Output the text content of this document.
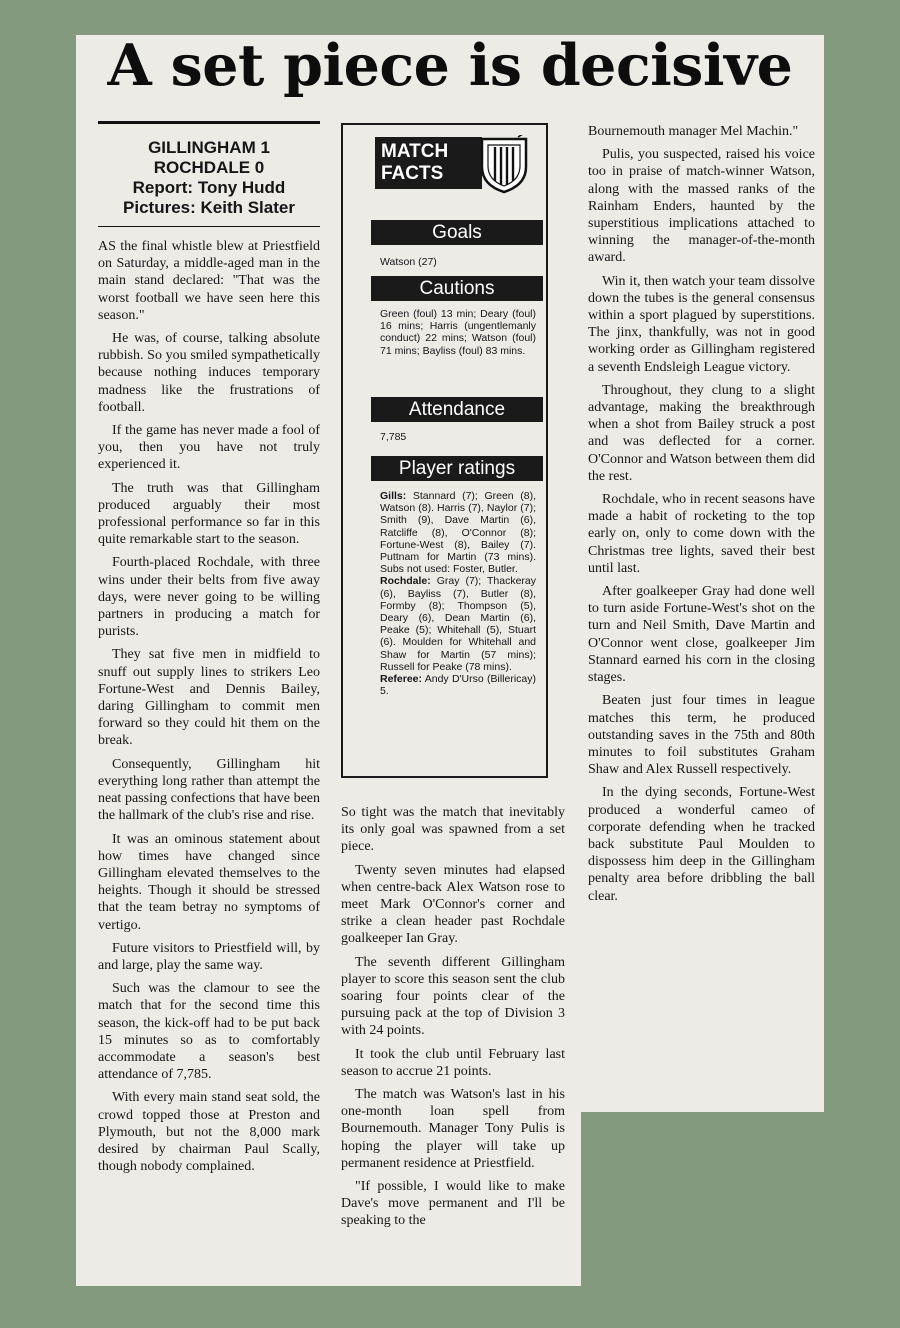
A set piece is decisive
GILLINGHAM 1
ROCHDALE 0
Report: Tony Hudd
Pictures: Keith Slater

AS the final whistle blew at Priestfield on Saturday, a middle-aged man in the main stand declared: "That was the worst football we have seen here this season."

He was, of course, talking absolute rubbish. So you smiled sympathetically because nothing induces temporary madness like the frustrations of football.

If the game has never made a fool of you, then you have not truly experienced it.

The truth was that Gillingham produced arguably their most professional performance so far in this quite remarkable start to the season.

Fourth-placed Rochdale, with three wins under their belts from five away days, were never going to be willing partners in producing a match for purists.

They sat five men in midfield to snuff out supply lines to strikers Leo Fortune-West and Dennis Bailey, daring Gillingham to commit men forward so they could hit them on the break.

Consequently, Gillingham hit everything long rather than attempt the neat passing confections that have been the hallmark of the club's rise and rise.

It was an ominous statement about how times have changed since Gillingham elevated themselves to the heights. Though it should be stressed that the team betray no symptoms of vertigo.

Future visitors to Priestfield will, by and large, play the same way.

Such was the clamour to see the match that for the second time this season, the kick-off had to be put back 15 minutes so as to comfortably accommodate a season's best attendance of 7,785.

With every main stand seat sold, the crowd topped those at Preston and Plymouth, but not the 8,000 mark desired by chairman Paul Scally, though nobody complained.

MATCH
FACTS
Goals
Watson (27)
Cautions
Green (foul) 13 min; Deary (foul) 16 mins; Harris (ungentlemanly conduct) 22 mins; Watson (foul) 71 mins; Bayliss (foul) 83 mins.
Attendance
7,785
Player ratings
Gills: Stannard (7); Green (8), Watson (8). Harris (7), Naylor (7); Smith (9), Dave Martin (6), Ratcliffe (8), O'Connor (8); Fortune-West (8), Bailey (7). Puttnam for Martin (73 mins). Subs not used: Foster, Butler.
Rochdale: Gray (7); Thackeray (6), Bayliss (7), Butler (8), Formby (8); Thompson (5), Deary (6), Dean Martin (6), Peake (5); Whitehall (5), Stuart (6). Moulden for Whitehall and Shaw for Martin (57 mins); Russell for Peake (78 mins).
Referee: Andy D'Urso (Billericay) 5.

So tight was the match that inevitably its only goal was spawned from a set piece.

Twenty seven minutes had elapsed when centre-back Alex Watson rose to meet Mark O'Connor's corner and strike a clean header past Rochdale goalkeeper Ian Gray.

The seventh different Gillingham player to score this season sent the club soaring four points clear of the pursuing pack at the top of Division 3 with 24 points.

It took the club until February last season to accrue 21 points.

The match was Watson's last in his one-month loan spell from Bournemouth. Manager Tony Pulis is hoping the player will take up permanent residence at Priestfield.

"If possible, I would like to make Dave's move permanent and I'll be speaking to the

Bournemouth manager Mel Machin."

Pulis, you suspected, raised his voice too in praise of match-winner Watson, along with the massed ranks of the Rainham Enders, haunted by the superstitious implications attached to winning the manager-of-the-month award.

Win it, then watch your team dissolve down the tubes is the general consensus within a sport plagued by superstitions. The jinx, thankfully, was not in good working order as Gillingham registered a seventh Endsleigh League victory.

Throughout, they clung to a slight advantage, making the breakthrough when a shot from Bailey struck a post and was deflected for a corner. O'Connor and Watson between them did the rest.

Rochdale, who in recent seasons have made a habit of rocketing to the top early on, only to come down with the Christmas tree lights, saved their best until last.

After goalkeeper Gray had done well to turn aside Fortune-West's shot on the turn and Neil Smith, Dave Martin and O'Connor went close, goalkeeper Jim Stannard earned his corn in the closing stages.

Beaten just four times in league matches this term, he produced outstanding saves in the 75th and 80th minutes to foil substitutes Graham Shaw and Alex Russell respectively.

In the dying seconds, Fortune-West produced a wonderful cameo of corporate defending when he tracked back substitute Paul Moulden to dispossess him deep in the Gillingham penalty area before dribbling the ball clear.
